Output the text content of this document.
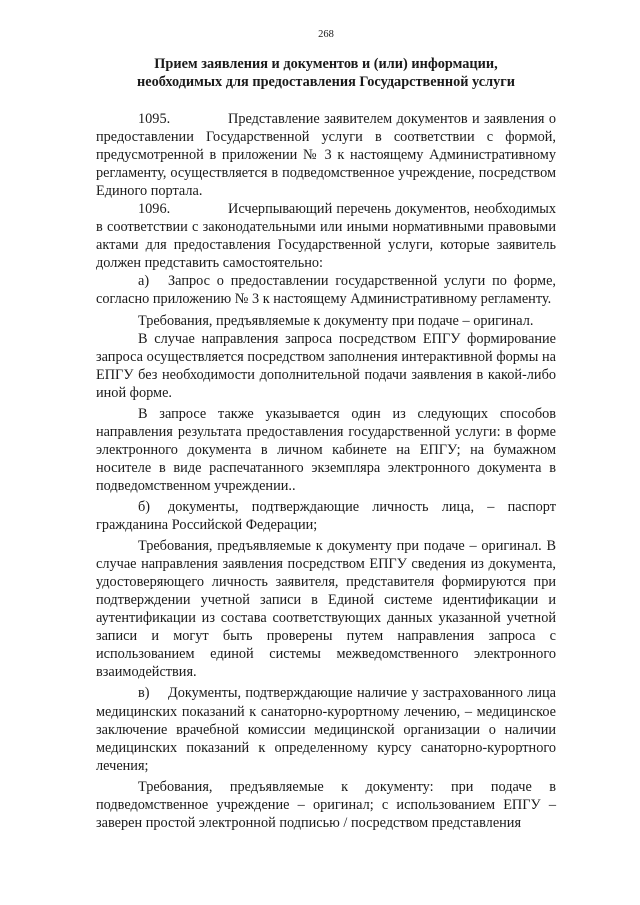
268
Прием заявления и документов и (или) информации,
необходимых для предоставления Государственной услуги

1095.	Представление заявителем документов и заявления о предоставлении Государственной услуги в соответствии с формой, предусмотренной в приложении № 3 к настоящему Административному регламенту, осуществляется в подведомственное учреждение, посредством Единого портала.

1096.	Исчерпывающий перечень документов, необходимых в соответствии с законодательными или иными нормативными правовыми актами для предоставления Государственной услуги, которые заявитель должен представить самостоятельно:

а) Запрос о предоставлении государственной услуги по форме, согласно приложению № 3 к настоящему Административному регламенту.

Требования, предъявляемые к документу при подаче – оригинал.

В случае направления запроса посредством ЕПГУ формирование запроса осуществляется посредством заполнения интерактивной формы на ЕПГУ без необходимости дополнительной подачи заявления в какой-либо иной форме.

В запросе также указывается один из следующих способов направления результата предоставления государственной услуги: в форме электронного документа в личном кабинете на ЕПГУ; на бумажном носителе в виде распечатанного экземпляра электронного документа в подведомственном учреждении..

б) документы, подтверждающие личность лица, – паспорт гражданина Российской Федерации;

Требования, предъявляемые к документу при подаче – оригинал. В случае направления заявления посредством ЕПГУ сведения из документа, удостоверяющего личность заявителя, представителя формируются при подтверждении учетной записи в Единой системе идентификации и аутентификации из состава соответствующих данных указанной учетной записи и могут быть проверены путем направления запроса с использованием единой системы межведомственного электронного взаимодействия.

в) Документы, подтверждающие наличие у застрахованного лица медицинских показаний к санаторно-курортному лечению, – медицинское заключение врачебной комиссии медицинской организации о наличии медицинских показаний к определенному курсу санаторно-курортного лечения;

Требования, предъявляемые к документу: при подаче в подведомственное учреждение – оригинал; с использованием ЕПГУ – заверен простой электронной подписью / посредством представления
